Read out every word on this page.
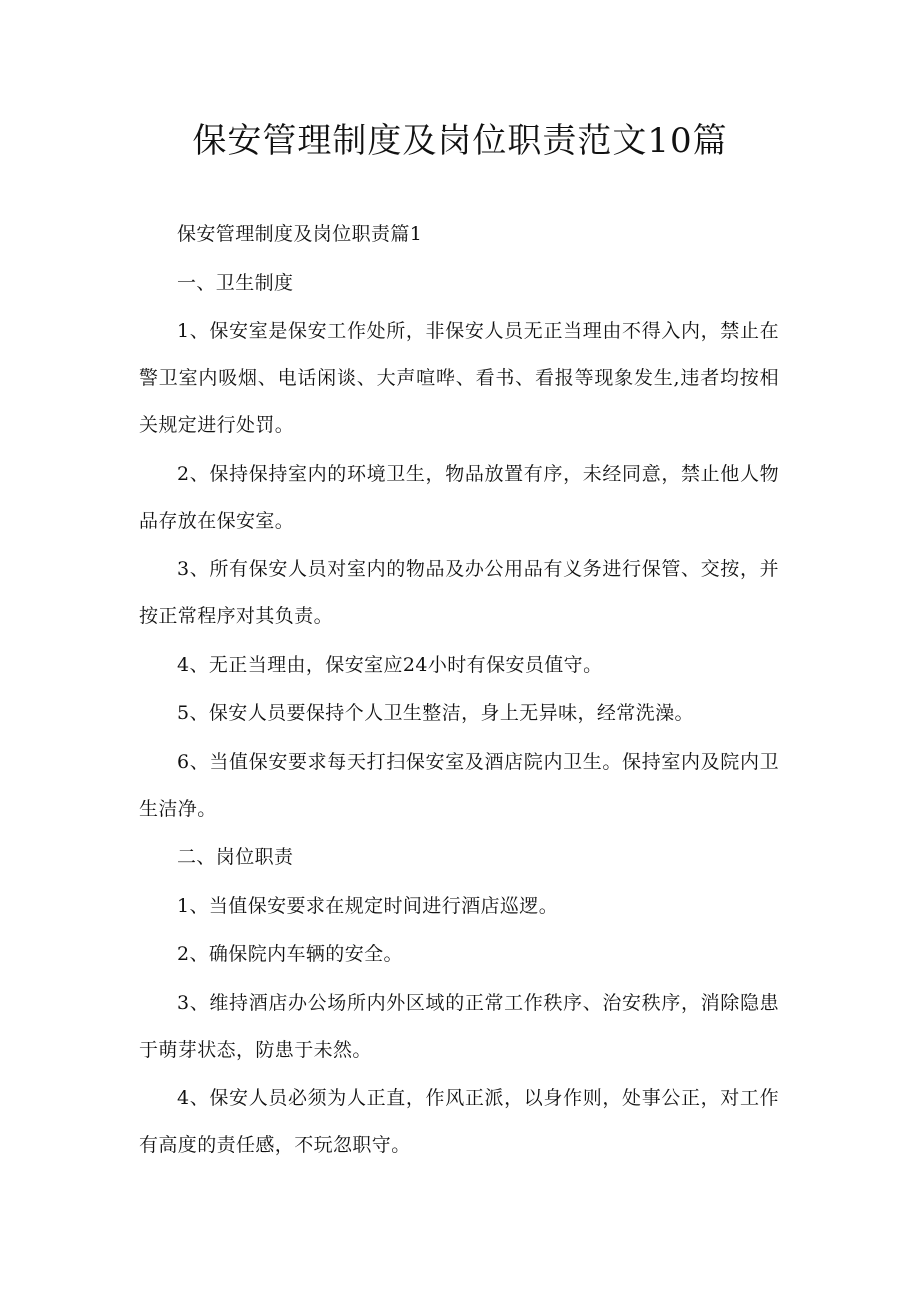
保安管理制度及岗位职责范文10篇

保安管理制度及岗位职责篇1

一、卫生制度

1、保安室是保安工作处所，非保安人员无正当理由不得入内，禁止在警卫室内吸烟、电话闲谈、大声喧哗、看书、看报等现象发生,违者均按相关规定进行处罚。

2、保持保持室内的环境卫生，物品放置有序，未经同意，禁止他人物品存放在保安室。

3、所有保安人员对室内的物品及办公用品有义务进行保管、交按，并按正常程序对其负责。

4、无正当理由，保安室应24小时有保安员值守。

5、保安人员要保持个人卫生整洁，身上无异味，经常洗澡。

6、当值保安要求每天打扫保安室及酒店院内卫生。保持室内及院内卫生洁净。

二、岗位职责

1、当值保安要求在规定时间进行酒店巡逻。

2、确保院内车辆的安全。

3、维持酒店办公场所内外区域的正常工作秩序、治安秩序，消除隐患于萌芽状态，防患于未然。

4、保安人员必须为人正直，作风正派，以身作则，处事公正，对工作有高度的责任感，不玩忽职守。
